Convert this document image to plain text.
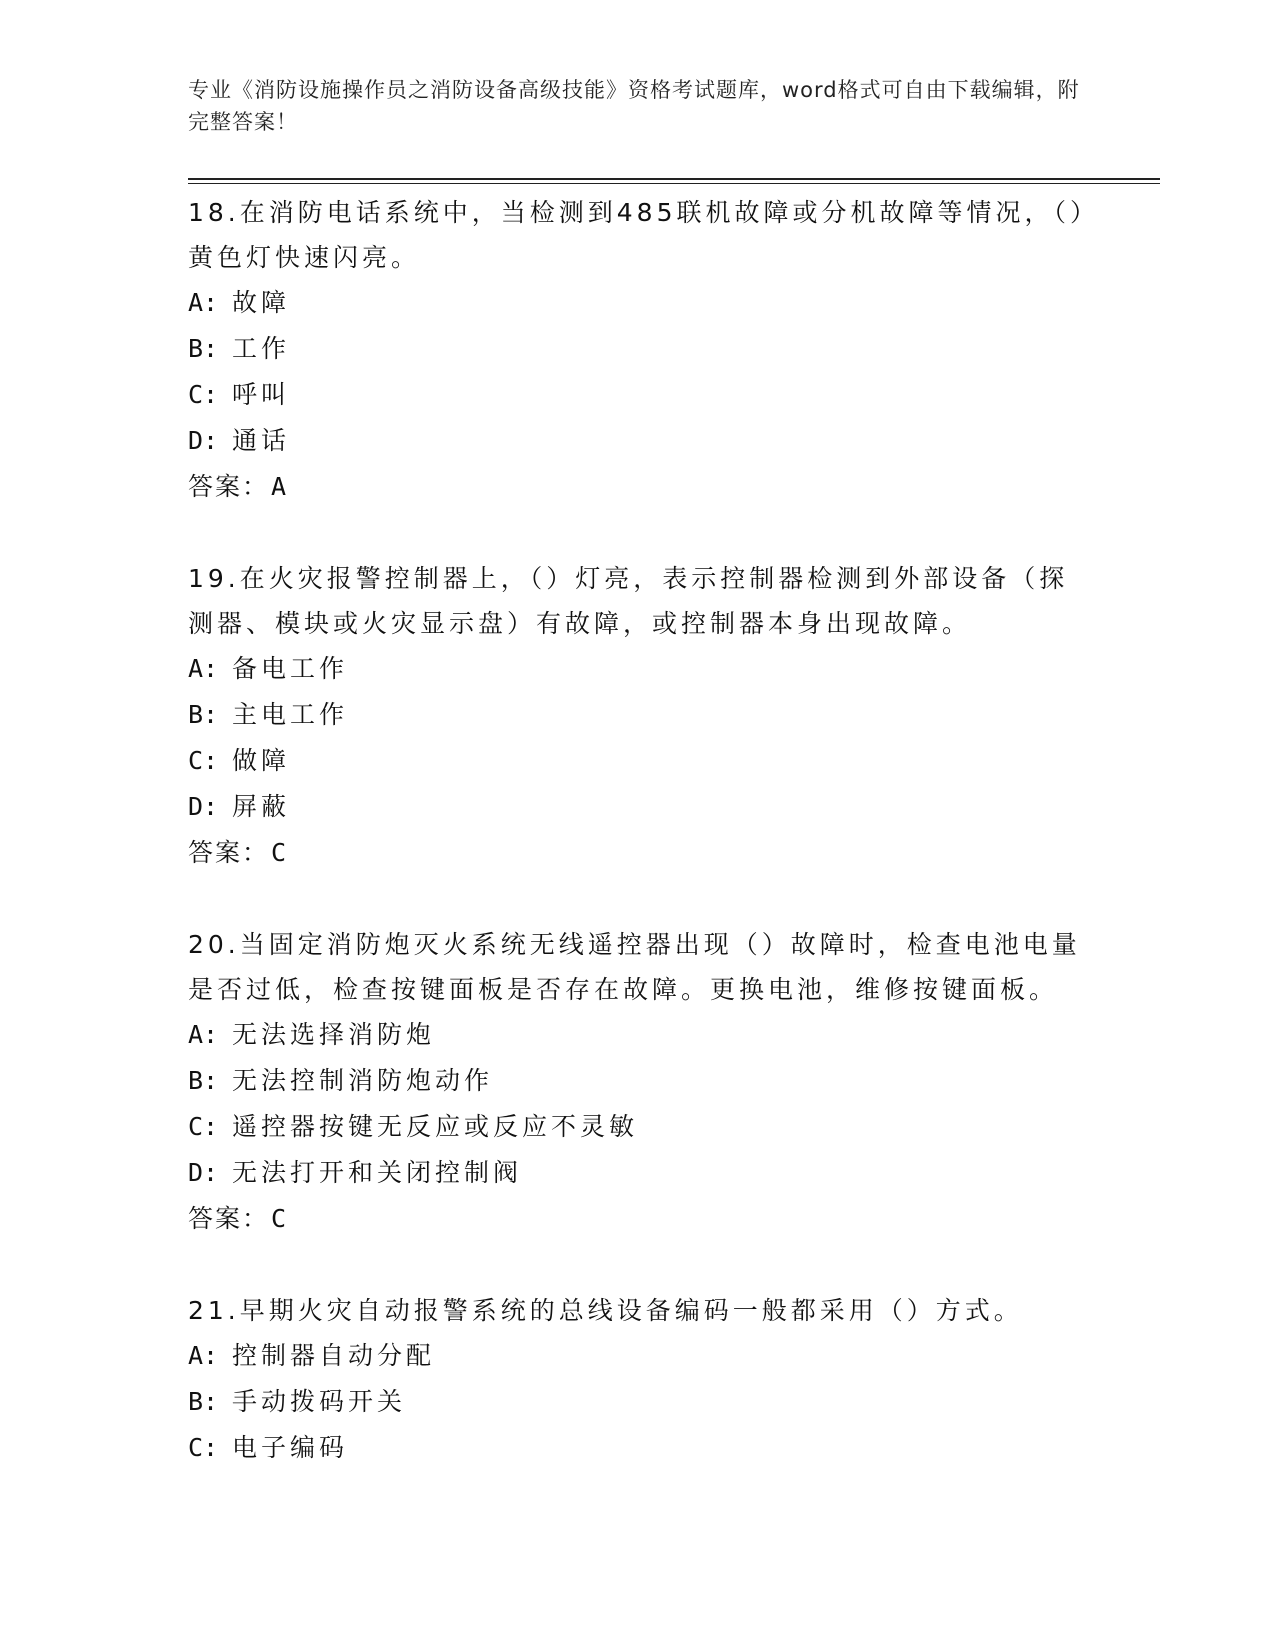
专业《消防设施操作员之消防设备高级技能》资格考试题库，word格式可自由下载编辑，附完整答案！

18.在消防电话系统中，当检测到485联机故障或分机故障等情况，（）黄色灯快速闪亮。

A: 故障
B: 工作
C: 呼叫
D: 通话
答案：A

19.在火灾报警控制器上，（）灯亮，表示控制器检测到外部设备（探测器、模块或火灾显示盘）有故障，或控制器本身出现故障。

A: 备电工作
B: 主电工作
C: 做障
D: 屏蔽
答案：C

20.当固定消防炮灭火系统无线遥控器出现（）故障时，检查电池电量是否过低，检查按键面板是否存在故障。更换电池，维修按键面板。

A: 无法选择消防炮
B: 无法控制消防炮动作
C: 遥控器按键无反应或反应不灵敏
D: 无法打开和关闭控制阀
答案：C

21.早期火灾自动报警系统的总线设备编码一般都采用（）方式。

A: 控制器自动分配
B: 手动拨码开关
C: 电子编码
